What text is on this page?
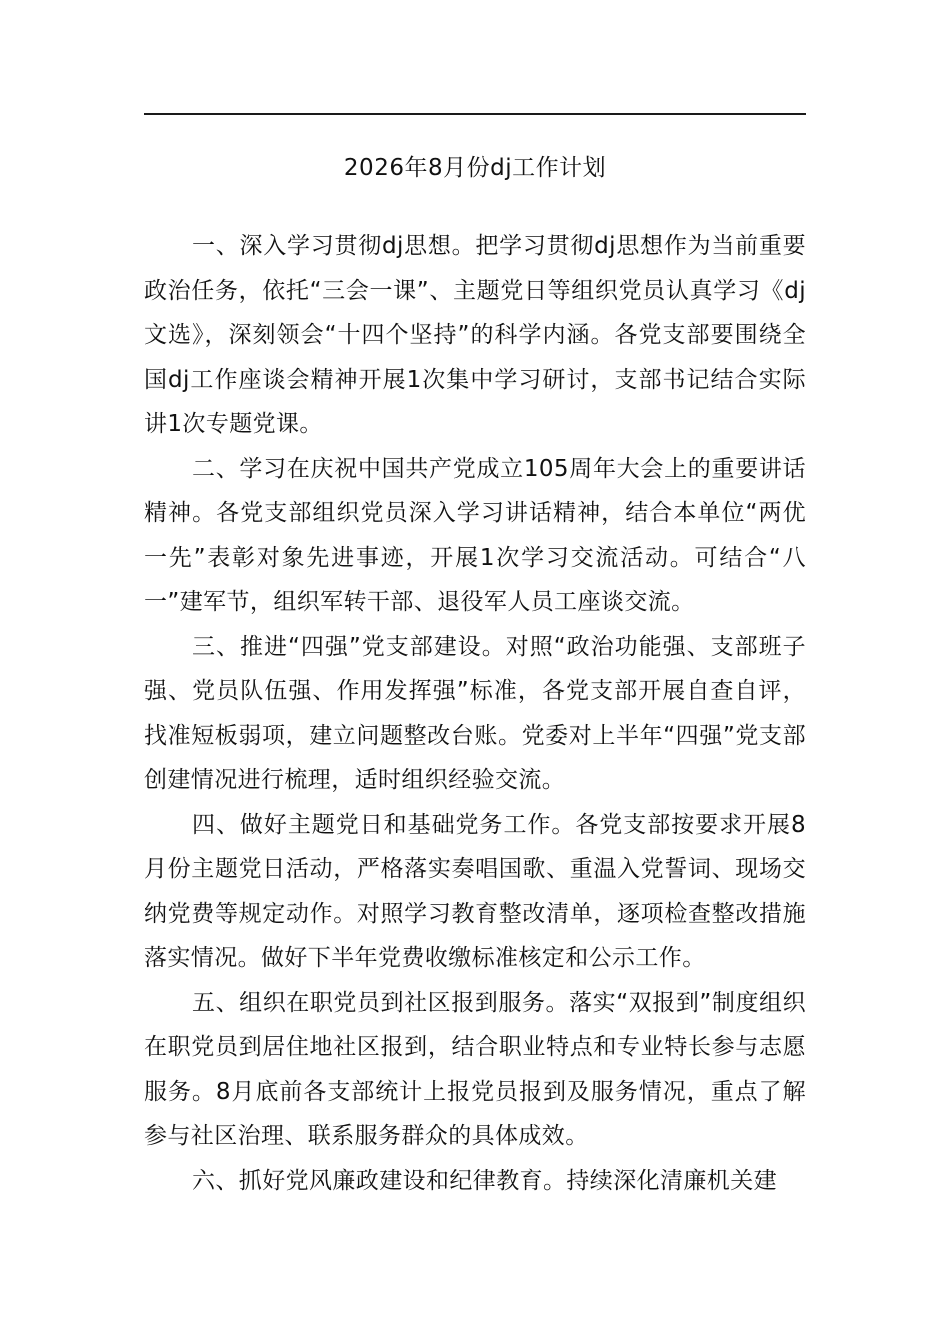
2026年8月份dj工作计划

一、深入学习贯彻dj思想。把学习贯彻dj思想作为当前重要政治任务，依托“三会一课”、主题党日等组织党员认真学习《dj文选》，深刻领会“十四个坚持”的科学内涵。各党支部要围绕全国dj工作座谈会精神开展1次集中学习研讨，支部书记结合实际讲1次专题党课。

二、学习在庆祝中国共产党成立105周年大会上的重要讲话精神。各党支部组织党员深入学习讲话精神，结合本单位“两优一先”表彰对象先进事迹，开展1次学习交流活动。可结合“八一”建军节，组织军转干部、退役军人员工座谈交流。

三、推进“四强”党支部建设。对照“政治功能强、支部班子强、党员队伍强、作用发挥强”标准，各党支部开展自查自评，找准短板弱项，建立问题整改台账。党委对上半年“四强”党支部创建情况进行梳理，适时组织经验交流。

四、做好主题党日和基础党务工作。各党支部按要求开展8月份主题党日活动，严格落实奏唱国歌、重温入党誓词、现场交纳党费等规定动作。对照学习教育整改清单，逐项检查整改措施落实情况。做好下半年党费收缴标准核定和公示工作。

五、组织在职党员到社区报到服务。落实“双报到”制度组织在职党员到居住地社区报到，结合职业特点和专业特长参与志愿服务。8月底前各支部统计上报党员报到及服务情况，重点了解参与社区治理、联系服务群众的具体成效。

六、抓好党风廉政建设和纪律教育。持续深化清廉机关建
